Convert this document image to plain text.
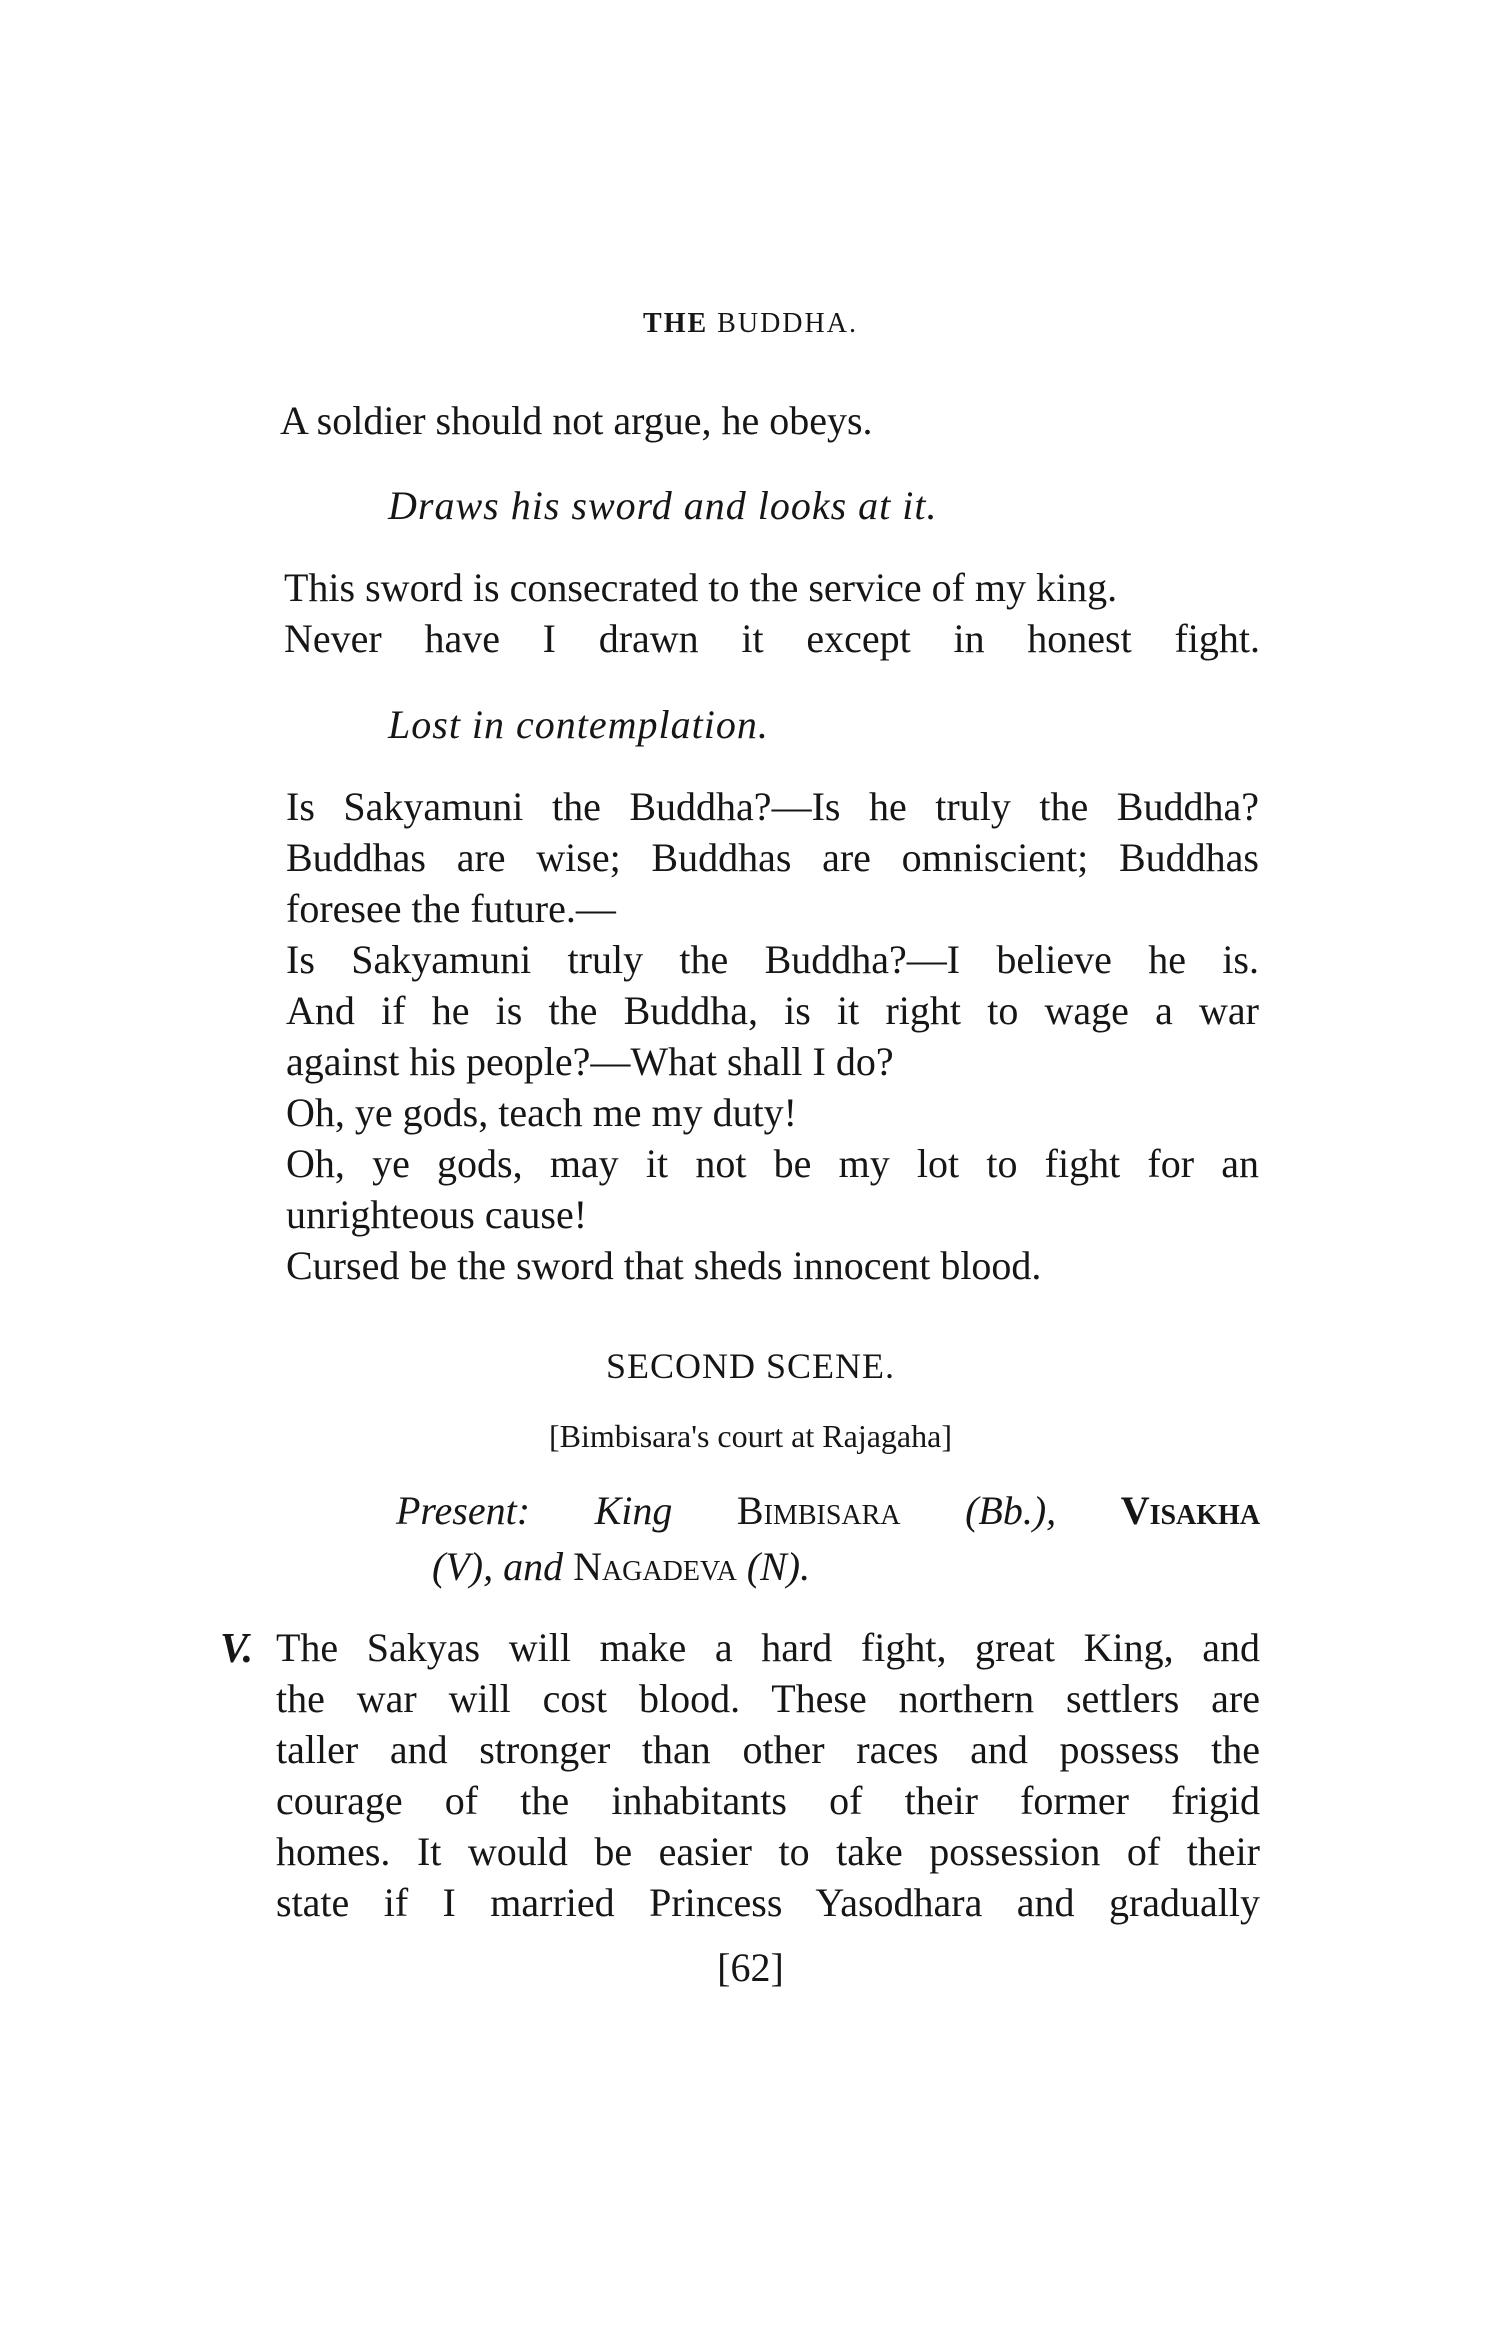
THE BUDDHA.
A soldier should not argue, he obeys.
Draws his sword and looks at it.
This sword is consecrated to the service of my king.
Never have I drawn it except in honest fight.
Lost in contemplation.
Is Sakyamuni the Buddha?—Is he truly the Buddha?
Buddhas are wise; Buddhas are omniscient; Buddhas
foresee the future.—
Is Sakyamuni truly the Buddha?—I believe he is.
And if he is the Buddha, is it right to wage a war
against his people?—What shall I do?
Oh, ye gods, teach me my duty!
Oh, ye gods, may it not be my lot to fight for an
unrighteous cause!
Cursed be the sword that sheds innocent blood.
SECOND SCENE.
[Bimbisara's court at Rajagaha]
Present: King Bimbisara (Bb.), Visakha
(V), and Nagadeva (N).
V. The Sakyas will make a hard fight, great King, and
the war will cost blood. These northern settlers are
taller and stronger than other races and possess the
courage of the inhabitants of their former frigid
homes. It would be easier to take possession of their
state if I married Princess Yasodhara and gradually
[62]
